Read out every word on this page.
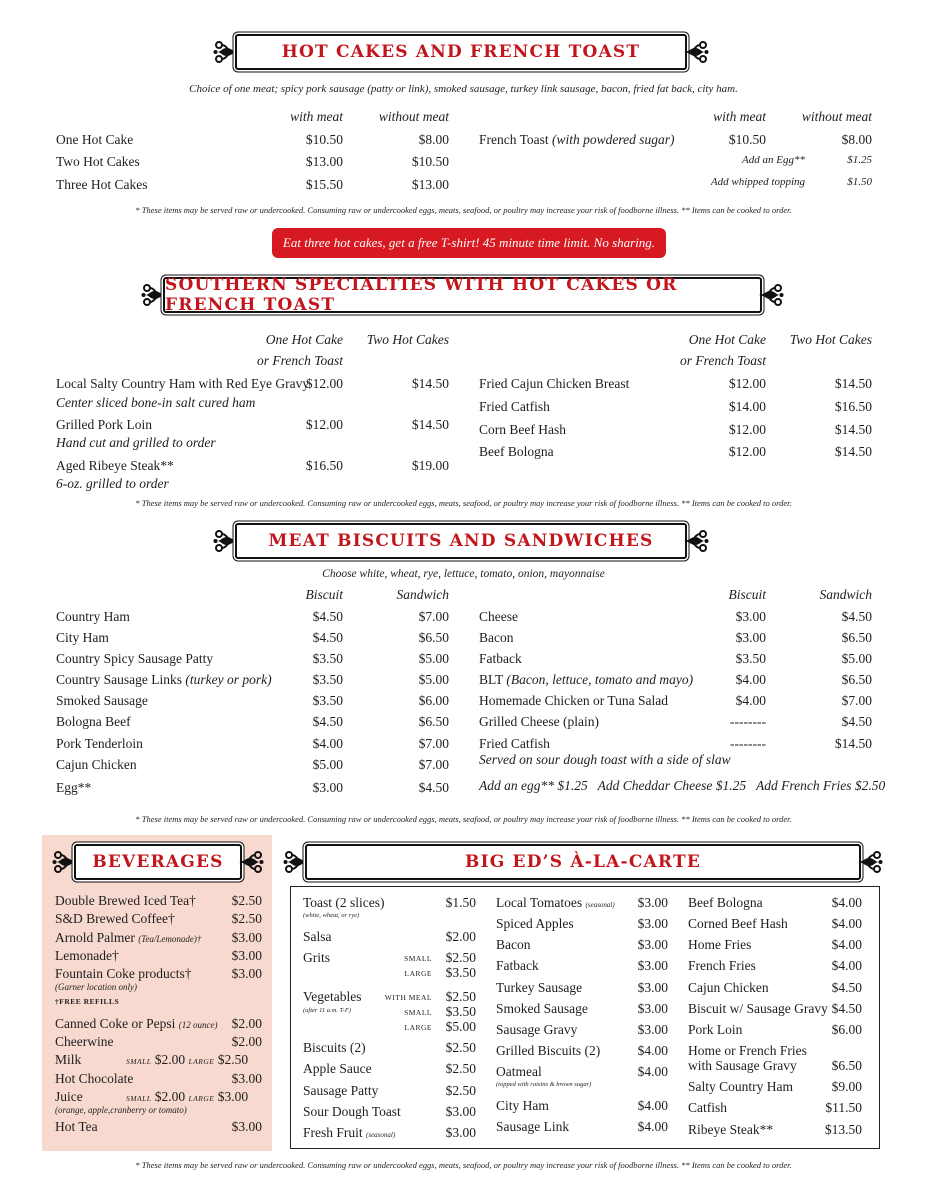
HOT CAKES AND FRENCH TOAST
Choice of one meat; spicy pork sausage (patty or link), smoked sausage, turkey link sausage, bacon, fried fat back, city ham.
with meat	without meat	with meat	without meat
One Hot Cake	$10.50	$8.00
Two Hot Cakes	$13.00	$10.50
Three Hot Cakes	$15.50	$13.00
French Toast (with powdered sugar)	$10.50	$8.00
Add an Egg**	$1.25
Add whipped topping	$1.50
* These items may be served raw or undercooked. Consuming raw or undercooked eggs, meats, seafood, or poultry may increase your risk of foodborne illness. ** Items can be cooked to order.
Eat three hot cakes, get a free T-shirt! 45 minute time limit. No sharing.
SOUTHERN SPECIALTIES WITH HOT CAKES OR FRENCH TOAST
One Hot Cake
or French Toast
Two Hot Cakes	One Hot Cake
or French Toast
Two Hot Cakes
Local Salty Country Ham with Red Eye Gravy
Center sliced bone-in salt cured ham
$12.00	$14.50
Grilled Pork Loin
Hand cut and grilled to order
$12.00	$14.50
Aged Ribeye Steak**
6-oz. grilled to order
$16.50	$19.00
Fried Cajun Chicken Breast	$12.00	$14.50
Fried Catfish	$14.00	$16.50
Corn Beef Hash	$12.00	$14.50
Beef Bologna	$12.00	$14.50
* These items may be served raw or undercooked. Consuming raw or undercooked eggs, meats, seafood, or poultry may increase your risk of foodborne illness. ** Items can be cooked to order.
MEAT BISCUITS AND SANDWICHES
Choose white, wheat, rye, lettuce, tomato, onion, mayonnaise
Biscuit	Sandwich	Biscuit	Sandwich
Country Ham	$4.50	$7.00
City Ham	$4.50	$6.50
Country Spicy Sausage Patty	$3.50	$5.00
Country Sausage Links (turkey or pork)	$3.50	$5.00
Smoked Sausage	$3.50	$6.00
Bologna Beef	$4.50	$6.50
Pork Tenderloin	$4.00	$7.00
Cajun Chicken	$5.00	$7.00
Egg**	$3.00	$4.50
Cheese	$3.00	$4.50
Bacon	$3.00	$6.50
Fatback	$3.50	$5.00
BLT (Bacon, lettuce, tomato and mayo)	$4.00	$6.50
Homemade Chicken or Tuna Salad	$4.00	$7.00
Grilled Cheese (plain)	--------	$4.50
Fried Catfish	--------	$14.50
Served on sour dough toast with a side of slaw
Add an egg** $1.25   Add Cheddar Cheese $1.25   Add French Fries $2.50
* These items may be served raw or undercooked. Consuming raw or undercooked eggs, meats, seafood, or poultry may increase your risk of foodborne illness. ** Items can be cooked to order.
BEVERAGES
Double Brewed Iced Tea†	$2.50
S&D Brewed Coffee†	$2.50
Arnold Palmer (Tea/Lemonade)†	$3.00
Lemonade†	$3.00
Fountain Coke products†	$3.00
(Garner location only)
†FREE REFILLS
Canned Coke or Pepsi (12 ounce)	$2.00
Cheerwine	$2.00
Milk	SMALL $2.00 LARGE $2.50
Hot Chocolate	$3.00
Juice	SMALL $2.00 LARGE $3.00
(orange, apple,cranberry or tomato)
Hot Tea	$3.00
BIG ED’S À-LA-CARTE
Toast (2 slices)	$1.50
(white, wheat, or rye)
Salsa	$2.00
Grits	SMALL	$2.50
LARGE	$3.50
Vegetables
(after 11 a.m. T-F)
WITH MEAL	$2.50
SMALL	$3.50
LARGE	$5.00
Biscuits (2)	$2.50
Apple Sauce	$2.50
Sausage Patty	$2.50
Sour Dough Toast	$3.00
Fresh Fruit (seasonal)	$3.00
Local Tomatoes (seasonal)	$3.00
Spiced Apples	$3.00
Bacon	$3.00
Fatback	$3.00
Turkey Sausage	$3.00
Smoked Sausage	$3.00
Sausage Gravy	$3.00
Grilled Biscuits (2)	$4.00
Oatmeal	$4.00
(topped with raisins & brown sugar)
City Ham	$4.00
Sausage Link	$4.00
Beef Bologna	$4.00
Corned Beef Hash	$4.00
Home Fries	$4.00
French Fries	$4.00
Cajun Chicken	$4.50
Biscuit w/ Sausage Gravy $4.50
Pork Loin	$6.00
Home or French Fries
with Sausage Gravy	$6.50
Salty Country Ham	$9.00
Catfish	$11.50
Ribeye Steak**	$13.50
* These items may be served raw or undercooked. Consuming raw or undercooked eggs, meats, seafood, or poultry may increase your risk of foodborne illness. ** Items can be cooked to order.
